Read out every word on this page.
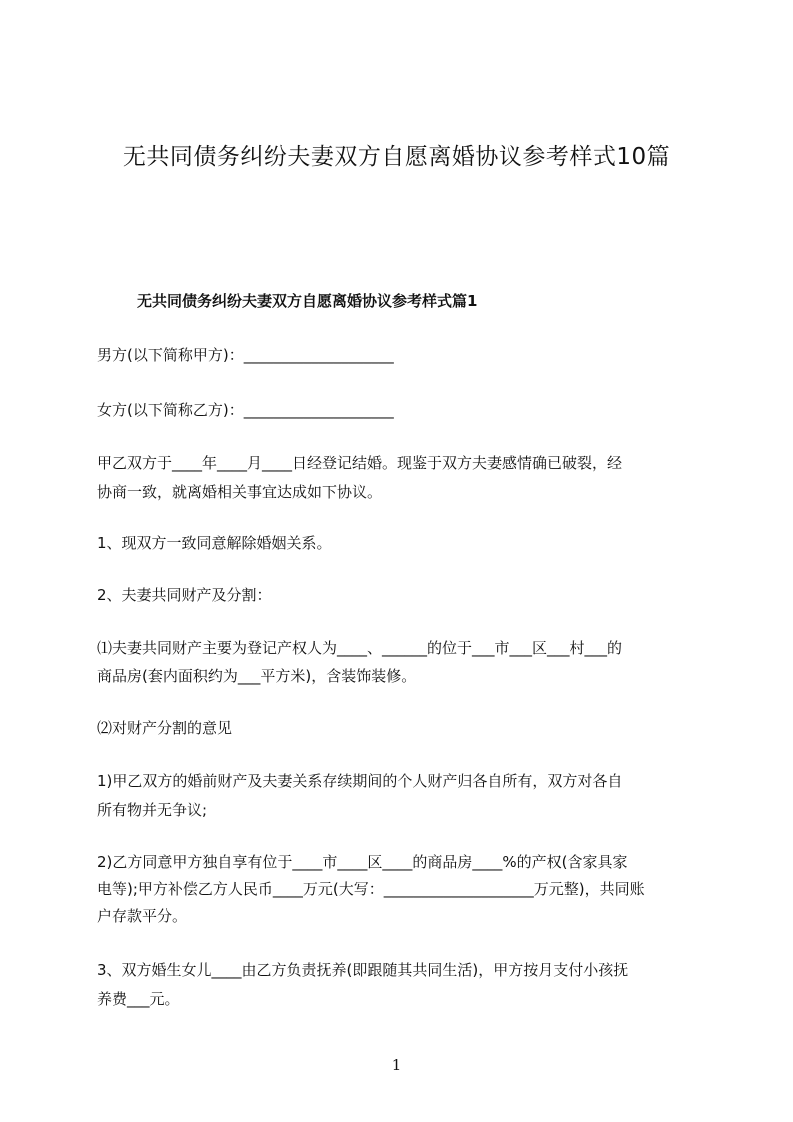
无共同债务纠纷夫妻双方自愿离婚协议参考样式10篇
无共同债务纠纷夫妻双方自愿离婚协议参考样式篇1
男方(以下简称甲方)：____________________
女方(以下简称乙方)：____________________
甲乙双方于____年____月____日经登记结婚。现鉴于双方夫妻感情确已破裂，经
协商一致，就离婚相关事宜达成如下协议。
1、现双方一致同意解除婚姻关系。
2、夫妻共同财产及分割：
⑴夫妻共同财产主要为登记产权人为____、______的位于___市___区___村___的
商品房(套内面积约为___平方米)，含装饰装修。
⑵对财产分割的意见
1)甲乙双方的婚前财产及夫妻关系存续期间的个人财产归各自所有，双方对各自
所有物并无争议;
2)乙方同意甲方独自享有位于____市____区____的商品房____%的产权(含家具家
电等);甲方补偿乙方人民币____万元(大写：____________________万元整)，共同账
户存款平分。
3、双方婚生女儿____由乙方负责抚养(即跟随其共同生活)，甲方按月支付小孩抚
养费___元。
1
